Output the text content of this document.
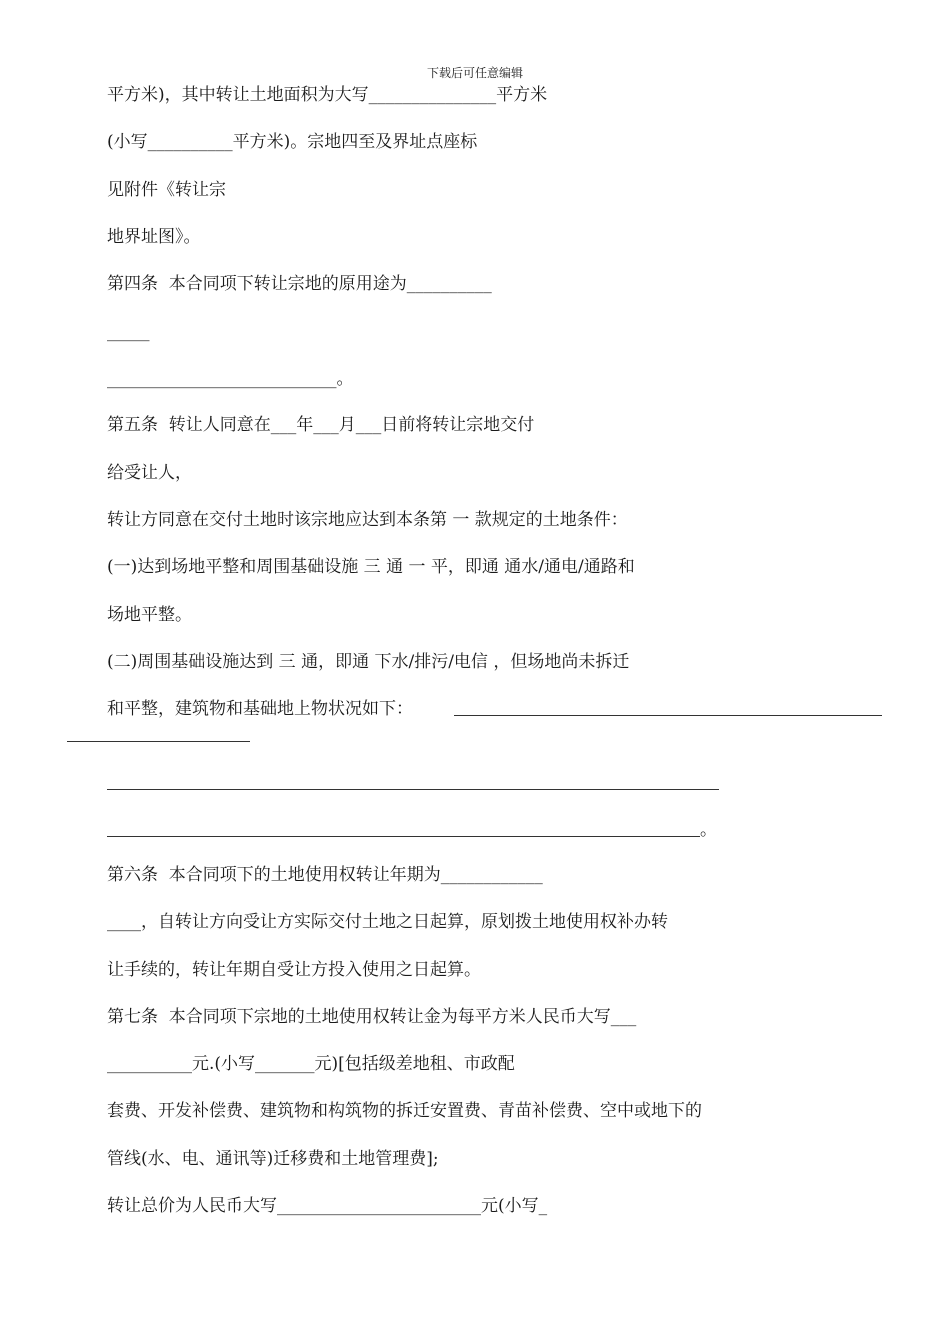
下载后可任意编辑
平方米)，其中转让土地面积为大写_______________平方米
(小写__________平方米)。宗地四至及界址点座标
见附件《转让宗
地界址图》。
第四条  本合同项下转让宗地的原用途为__________
_____
___________________________。
第五条  转让人同意在___年___月___日前将转让宗地交付
给受让人，
转让方同意在交付土地时该宗地应达到本条第 一 款规定的土地条件：
(一)达到场地平整和周围基础设施 三 通 一 平，即通 通水/通电/通路和
场地平整。
(二)周围基础设施达到 三 通，即通 下水/排污/电信 ，但场地尚未拆迁
和平整，建筑物和基础地上物状况如下：
。
第六条  本合同项下的土地使用权转让年期为____________
____，自转让方向受让方实际交付土地之日起算，原划拨土地使用权补办转
让手续的，转让年期自受让方投入使用之日起算。
第七条  本合同项下宗地的土地使用权转让金为每平方米人民币大写___
__________元.(小写_______元)[包括级差地租、市政配
套费、开发补偿费、建筑物和构筑物的拆迁安置费、青苗补偿费、空中或地下的
管线(水、电、通讯等)迁移费和土地管理费];
转让总价为人民币大写________________________元(小写_
